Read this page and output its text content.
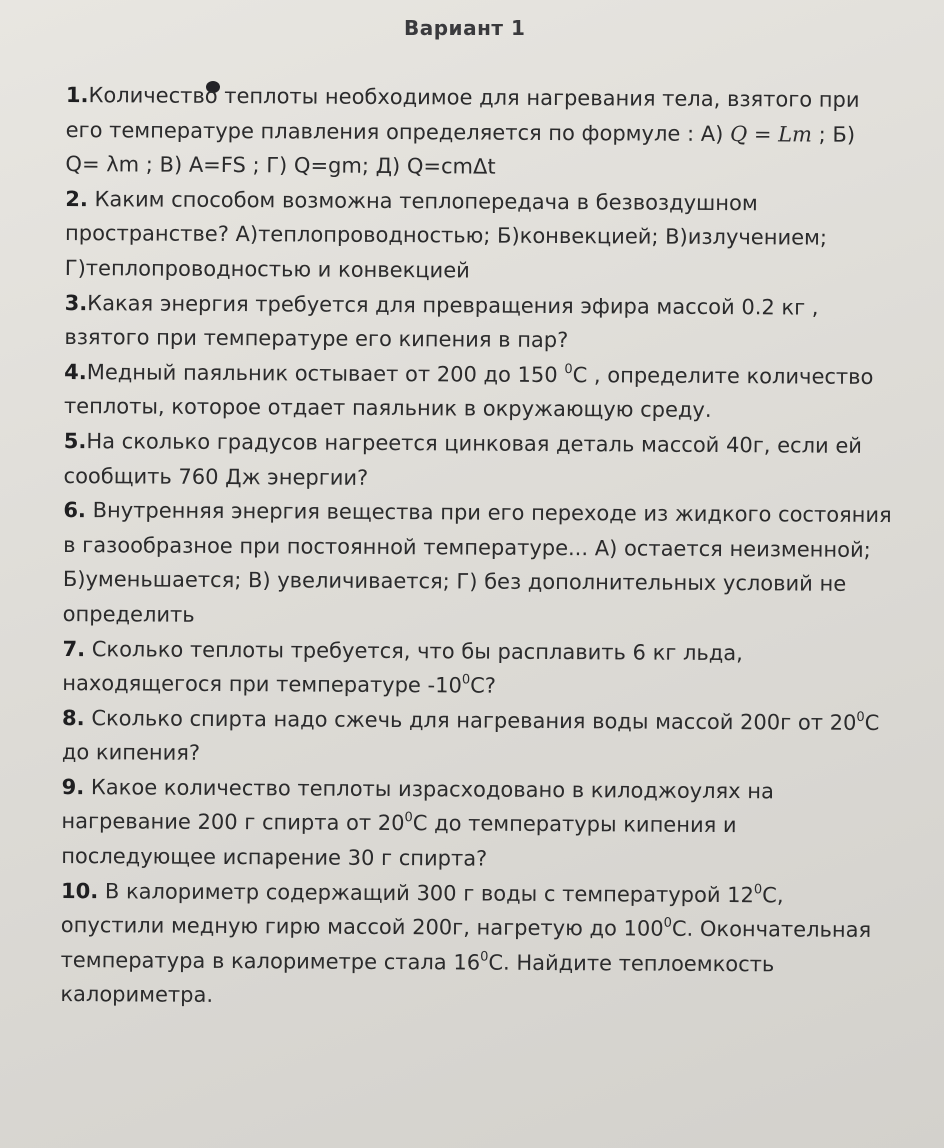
Вариант 1

1.Количество теплоты необходимое для нагревания тела, взятого при его температуре плавления определяется по формуле : А) Q = Lm ; Б) Q= λm ; В) A=FS ; Г) Q=gm; Д) Q=cmΔt

2. Каким способом возможна теплопередача в безвоздушном пространстве? А)теплопроводностью; Б)конвекцией; В)излучением; Г)теплопроводностью и конвекцией

3.Какая энергия требуется для превращения эфира массой 0.2 кг , взятого при температуре его кипения в пар?

4.Медный паяльник остывает от 200 до 150 $^0$С , определите количество теплоты, которое отдает паяльник в окружающую среду.

5.На сколько градусов нагреется цинковая деталь массой 40г, если ей сообщить 760 Дж энергии?

6. Внутренняя энергия вещества при его переходе из жидкого состояния в газообразное при постоянной температуре... А) остается неизменной; Б)уменьшается; В) увеличивается; Г) без дополнительных условий не определить

7. Сколько теплоты требуется, что бы расплавить 6 кг льда, находящегося при температуре $-10^0С$?

8. Сколько спирта надо сжечь для нагревания воды массой 200г от $20^0С$ до кипения?

9. Какое количество теплоты израсходовано в килоджоулях на нагревание 200 г спирта от $20^0С$ до температуры кипения и последующее испарение 30 г спирта?

10. В калориметр содержащий 300 г воды с температурой $12^0С$, опустили медную гирю массой 200г, нагретую до $100^0С$. Окончательная температура в калориметре стала $16^0С$. Найдите теплоемкость калориметра.
